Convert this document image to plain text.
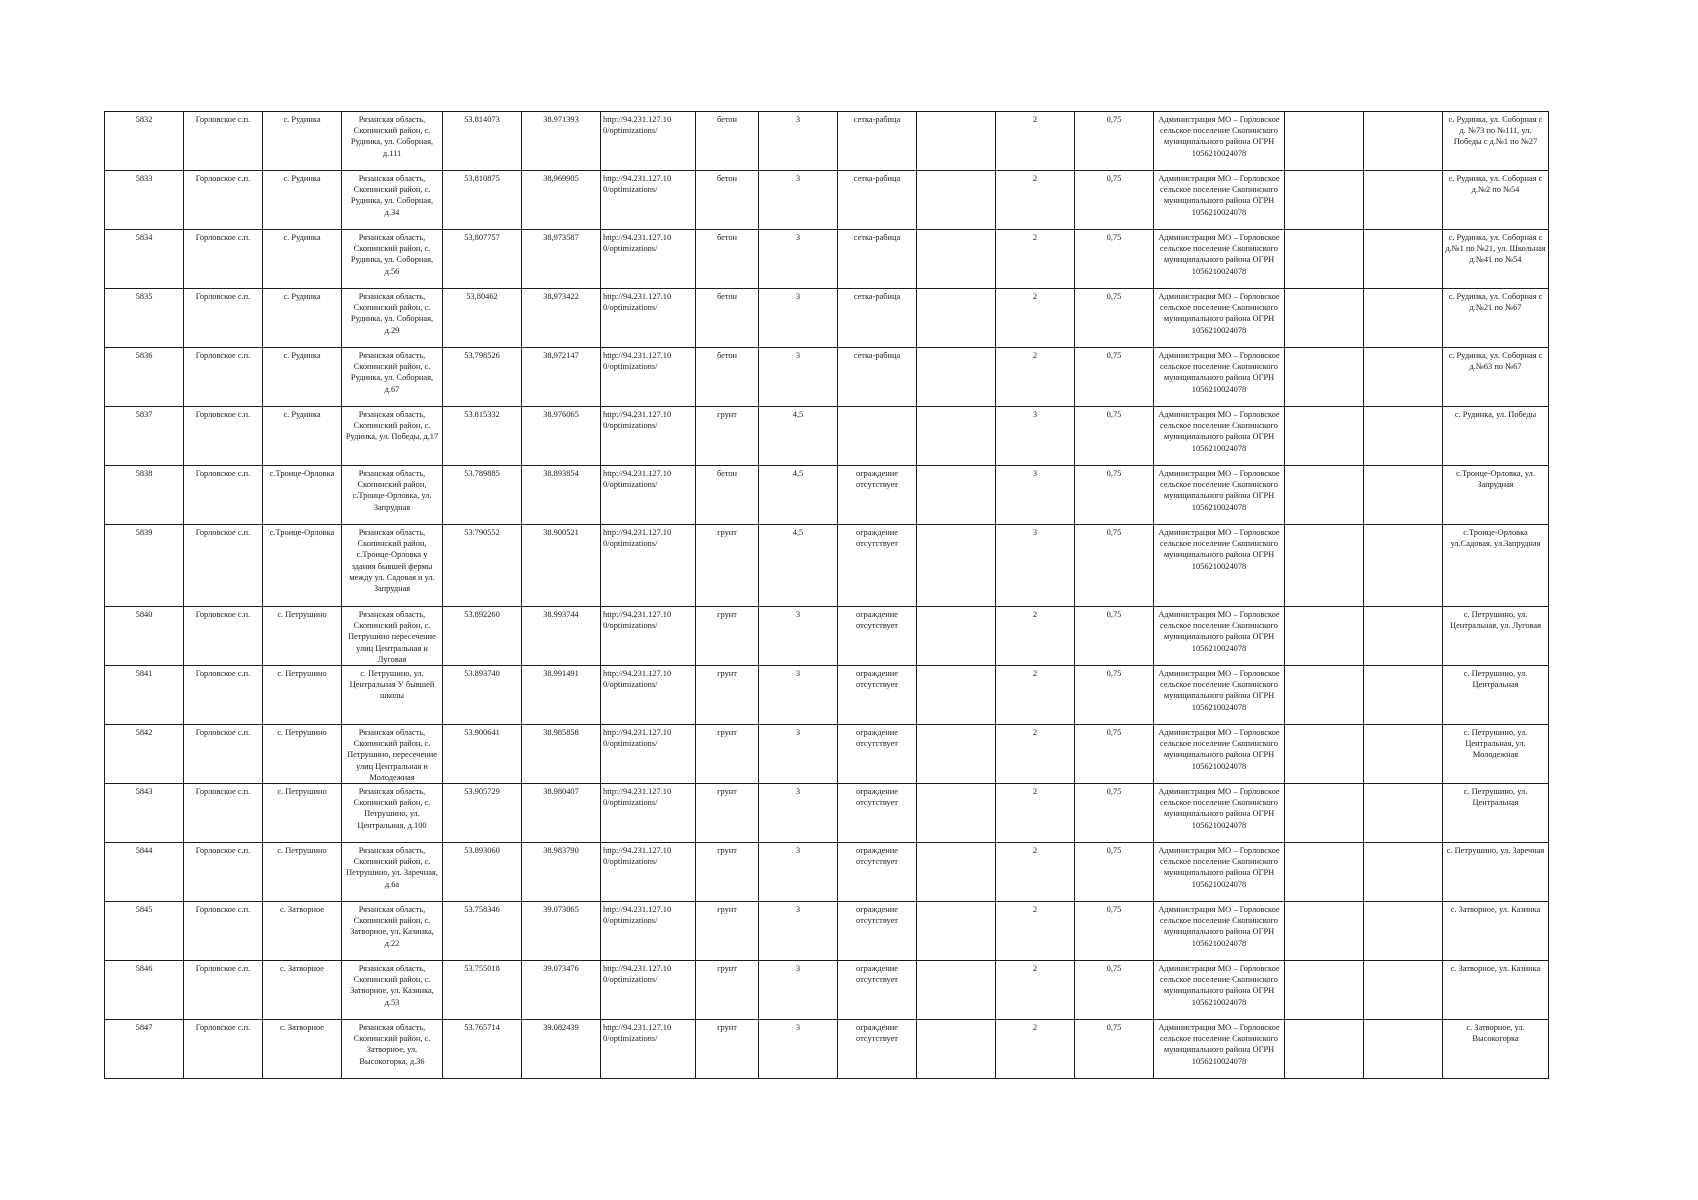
5832	Горловское с.п.	с. Рудинка	Рязанская область, Скопинский район, с. Рудинка, ул. Соборная, д.111	53.814073	38.971393	http://94.231.127.10 0/optimizations/	бетон	3	сетка-рабица		2	0,75	Администрация МО – Горловское сельское поселение Скопинского муниципального района ОГРН 1056210024078			с. Рудинка, ул. Соборная с д. №73 по №111, ул. Победы с д.№1 по №27
5833	Горловское с.п.	с. Рудинка	Рязанская область, Скопинский район, с. Рудинка, ул. Соборная, д.34	53,810875	38,969905	http://94.231.127.10 0/optimizations/	бетон	3	сетка-рабица		2	0,75	Администрация МО – Горловское сельское поселение Скопинского муниципального района ОГРН 1056210024078			с. Рудинка, ул. Соборная с д.№2 по №54
5834	Горловское с.п.	с. Рудинка	Рязанская область, Скопинский район, с. Рудинка, ул. Соборная, д.56	53,807757	38,973587	http://94.231.127.10 0/optimizations/	бетон	3	сетка-рабица		2	0,75	Администрация МО – Горловское сельское поселение Скопинского муниципального района ОГРН 1056210024078			с. Рудинка, ул. Соборная с д.№1 по №21, ул. Школьная д.№41 по №54
5835	Горловское с.п.	с. Рудинка	Рязанская область, Скопинский район, с. Рудинка, ул. Соборная, д.29	53,80462	38,973422	http://94.231.127.10 0/optimizations/	бетон	3	сетка-рабица		2	0,75	Администрация МО – Горловское сельское поселение Скопинского муниципального района ОГРН 1056210024078			с. Рудинка, ул. Соборная с д.№21 по №67
5836	Горловское с.п.	с. Рудинка	Рязанская область, Скопинский район, с. Рудинка, ул. Соборная, д.67	53,798526	38,972147	http://94.231.127.10 0/optimizations/	бетон	3	сетка-рабица		2	0,75	Администрация МО – Горловское сельское поселение Скопинского муниципального района ОГРН 1056210024078			с. Рудинка, ул. Соборная с д.№63 по №67
5837	Горловское с.п.	с. Рудинка	Рязанская область, Скопинский район, с. Рудинка, ул. Победы, д.17	53.815332	38.976065	http://94.231.127.10 0/optimizations/	грунт	4,5			3	0,75	Администрация МО – Горловское сельское поселение Скопинского муниципального района ОГРН 1056210024078			с. Рудинка, ул. Победы
5838	Горловское с.п.	с.Троице-Орловка	Рязанская область, Скопинский район, с.Троице-Орловка, ул. Запрудная	53.789885	38.893854	http://94.231.127.10 0/optimizations/	бетон	4,5	ограждение отсутствует		3	0,75	Администрация МО – Горловское сельское поселение Скопинского муниципального района ОГРН 1056210024078			с.Троице-Орловка, ул. Запрудная
5839	Горловское с.п.	с.Троице-Орловка	Рязанская область, Скопинский район, с.Троице-Орловка у здания бывшей фермы между ул. Садовая и ул. Запрудная	53.790552	38.900521	http://94.231.127.10 0/optimizations/	грунт	4,5	ограждение отсутствует		3	0,75	Администрация МО – Горловское сельское поселение Скопинского муниципального района ОГРН 1056210024078			с.Троице-Орловка ул.Садовая, ул.Запрудная
5840	Горловское с.п.	с. Петрушино	Рязанская область, Скопинский район, с. Петрушино пересечение улиц Центральная и Луговая	53.892260	38.993744	http://94.231.127.10 0/optimizations/	грунт	3	ограждение отсутствует		2	0,75	Администрация МО – Горловское сельское поселение Скопинского муниципального района ОГРН 1056210024078			с. Петрушино, ул. Центральная, ул. Луговая
5841	Горловское с.п.	с. Петрушино	с. Петрушино, ул. Центральная У бывшей школы	53.893740	38.991491	http://94.231.127.10 0/optimizations/	грунт	3	ограждение отсутствует		2	0,75	Администрация МО – Горловское сельское поселение Скопинского муниципального района ОГРН 1056210024078			с. Петрушино, ул. Центральная
5842	Горловское с.п.	с. Петрушино	Рязанская область, Скопинский район, с. Петрушино, пересечение улиц Центральная и Молодежная	53.900641	38.985858	http://94.231.127.10 0/optimizations/	грунт	3	ограждение отсутствует		2	0,75	Администрация МО – Горловское сельское поселение Скопинского муниципального района ОГРН 1056210024078			с. Петрушино, ул. Центральная, ул. Молодежная
5843	Горловское с.п.	с. Петрушино	Рязанская область, Скопинский район, с. Петрушино, ул. Центральная, д.100	53.905729	38.980407	http://94.231.127.10 0/optimizations/	грунт	3	ограждение отсутствует		2	0,75	Администрация МО – Горловское сельское поселение Скопинского муниципального района ОГРН 1056210024078			с. Петрушино, ул. Центральная
5844	Горловское с.п.	с. Петрушино	Рязанская область, Скопинский район, с. Петрушино, ул. Заречная, д.6а	53.893060	38.983790	http://94.231.127.10 0/optimizations/	грунт	3	ограждение отсутствует		2	0,75	Администрация МО – Горловское сельское поселение Скопинского муниципального района ОГРН 1056210024078			с. Петрушино, ул. Заречная
5845	Горловское с.п.	с. Затворное	Рязанская область, Скопинский район, с. Затворное, ул. Казинка, д.22	53.758346	39.073065	http://94.231.127.10 0/optimizations/	грунт	3	ограждение отсутствует		2	0,75	Администрация МО – Горловское сельское поселение Скопинского муниципального района ОГРН 1056210024078			с. Затворное, ул. Казинка
5846	Горловское с.п.	с. Затворное	Рязанская область, Скопинский район, с. Затворное, ул. Казинка, д.53	53.755018	39.073476	http://94.231.127.10 0/optimizations/	грунт	3	ограждение отсутствует		2	0,75	Администрация МО – Горловское сельское поселение Скопинского муниципального района ОГРН 1056210024078			с. Затворное, ул. Казинка
5847	Горловское с.п.	с. Затворное	Рязанская область, Скопинский район, с. Затворное, ул. Высокогорка, д.36	53.765714	39.082439	http://94.231.127.10 0/optimizations/	грунт	3	ограждение отсутствует		2	0,75	Администрация МО – Горловское сельское поселение Скопинского муниципального района ОГРН 1056210024078			с. Затворное, ул. Высокогорка
